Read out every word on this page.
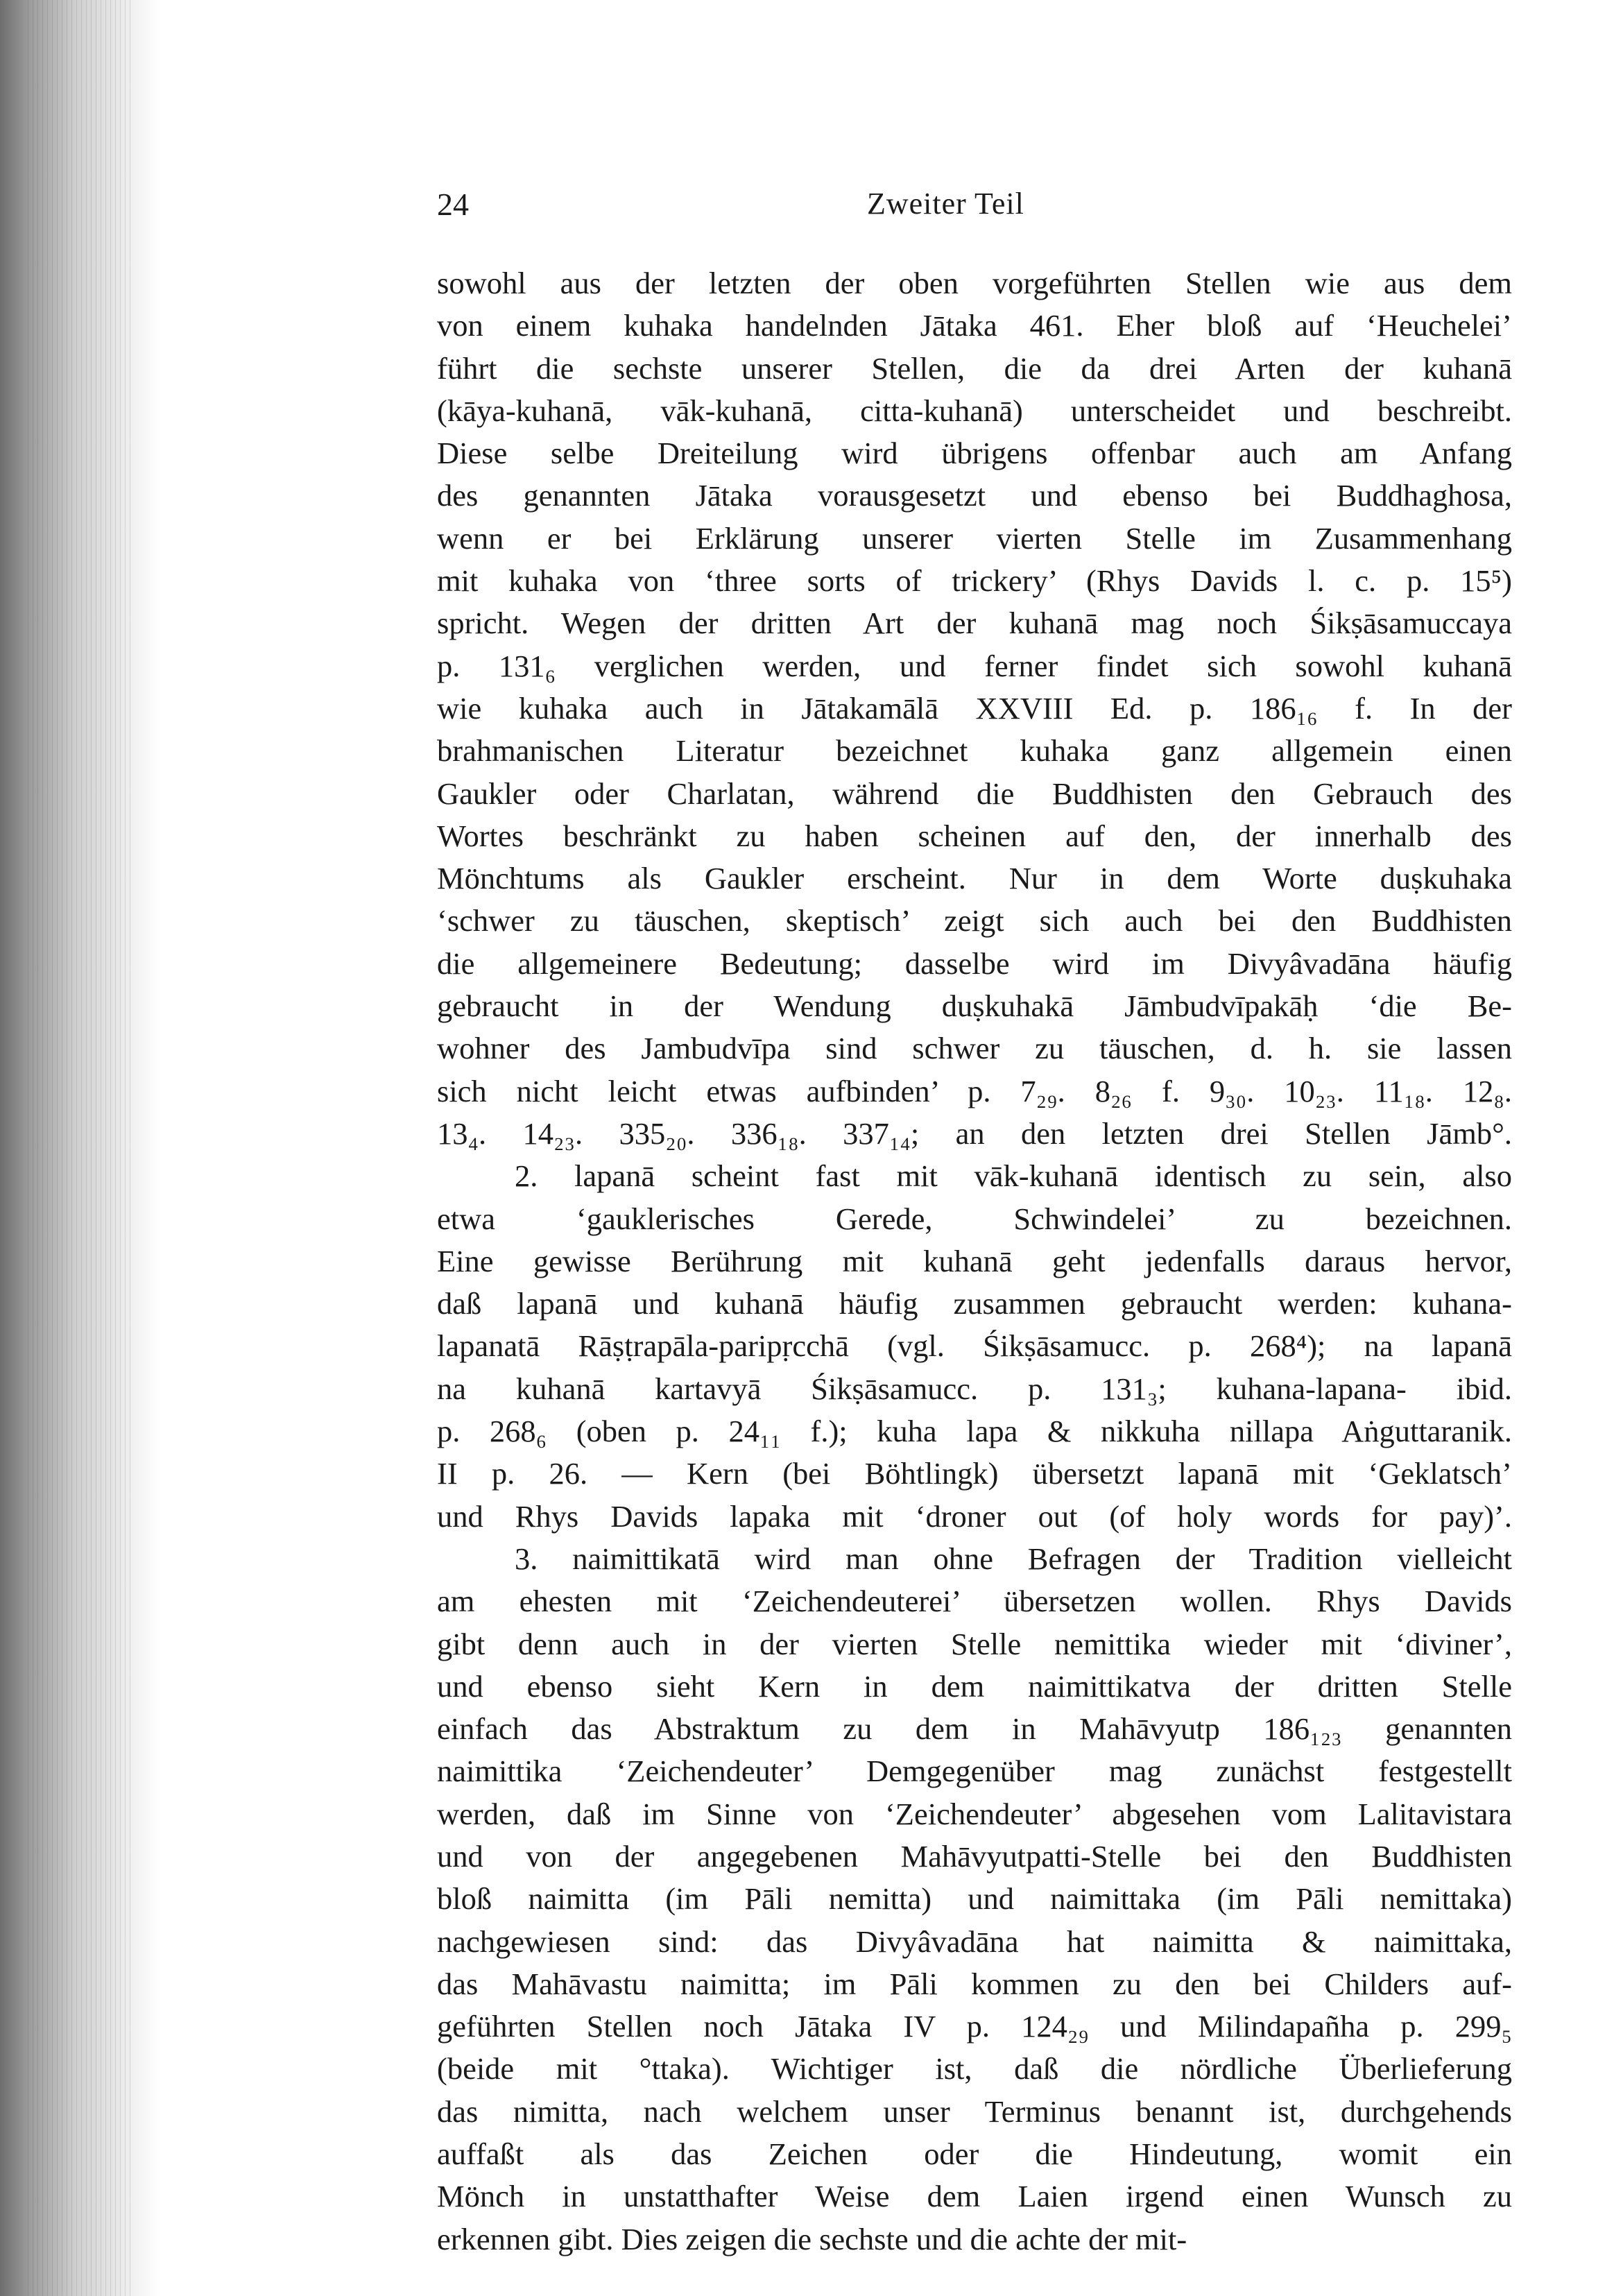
24	Zweiter Teil

sowohl aus der letzten der oben vorgeführten Stellen wie aus dem
von einem kuhaka handelnden Jātaka 461. Eher bloß auf ‘Heuchelei’
führt die sechste unserer Stellen, die da drei Arten der kuhanā
(kāya-kuhanā, vāk-kuhanā, citta-kuhanā) unterscheidet und beschreibt.
Diese selbe Dreiteilung wird übrigens offenbar auch am Anfang
des genannten Jātaka vorausgesetzt und ebenso bei Buddhaghosa,
wenn er bei Erklärung unserer vierten Stelle im Zusammenhang
mit kuhaka von ‘three sorts of trickery’ (Rhys Davids l. c. p. 15⁵)
spricht. Wegen der dritten Art der kuhanā mag noch Śikṣāsamuccaya
p. 131₆ verglichen werden, und ferner findet sich sowohl kuhanā
wie kuhaka auch in Jātakamālā XXVIII Ed. p. 186₁₆ f. In der
brahmanischen Literatur bezeichnet kuhaka ganz allgemein einen
Gaukler oder Charlatan, während die Buddhisten den Gebrauch des
Wortes beschränkt zu haben scheinen auf den, der innerhalb des
Mönchtums als Gaukler erscheint. Nur in dem Worte duṣkuhaka
‘schwer zu täuschen, skeptisch’ zeigt sich auch bei den Buddhisten
die allgemeinere Bedeutung; dasselbe wird im Divyâvadāna häufig
gebraucht in der Wendung duṣkuhakā Jāmbudvīpakāḥ ‘die Be-
wohner des Jambudvīpa sind schwer zu täuschen, d. h. sie lassen
sich nicht leicht etwas aufbinden’ p. 7₂₉. 8₂₆ f. 9₃₀. 10₂₃. 11₁₈. 12₈.
13₄. 14₂₃. 335₂₀. 336₁₈. 337₁₄; an den letzten drei Stellen Jāmb°.

2. lapanā scheint fast mit vāk-kuhanā identisch zu sein, also
etwa ‘gauklerisches Gerede, Schwindelei’ zu bezeichnen.
Eine gewisse Berührung mit kuhanā geht jedenfalls daraus hervor,
daß lapanā und kuhanā häufig zusammen gebraucht werden: kuhana-
lapanatā Rāṣṭrapāla-paripṛcchā (vgl. Śikṣāsamucc. p. 268⁴); na lapanā
na kuhanā kartavyā Śikṣāsamucc. p. 131₃; kuhana-lapana- ibid.
p. 268₆ (oben p. 24₁₁ f.); kuha lapa & nikkuha nillapa Aṅguttaranik.
II p. 26. — Kern (bei Böhtlingk) übersetzt lapanā mit ‘Geklatsch’
und Rhys Davids lapaka mit ‘droner out (of holy words for pay)’.

3. naimittikatā wird man ohne Befragen der Tradition vielleicht
am ehesten mit ‘Zeichendeuterei’ übersetzen wollen. Rhys Davids
gibt denn auch in der vierten Stelle nemittika wieder mit ‘diviner’,
und ebenso sieht Kern in dem naimittikatva der dritten Stelle
einfach das Abstraktum zu dem in Mahāvyutp 186₁₂₃ genannten
naimittika ‘Zeichendeuter’ Demgegenüber mag zunächst festgestellt
werden, daß im Sinne von ‘Zeichendeuter’ abgesehen vom Lalitavistara
und von der angegebenen Mahāvyutpatti-Stelle bei den Buddhisten
bloß naimitta (im Pāli nemitta) und naimittaka (im Pāli nemittaka)
nachgewiesen sind: das Divyâvadāna hat naimitta & naimittaka,
das Mahāvastu naimitta; im Pāli kommen zu den bei Childers auf-
geführten Stellen noch Jātaka IV p. 124₂₉ und Milindapañha p. 299₅
(beide mit °ttaka). Wichtiger ist, daß die nördliche Überlieferung
das nimitta, nach welchem unser Terminus benannt ist, durchgehends
auffaßt als das Zeichen oder die Hindeutung, womit ein
Mönch in unstatthafter Weise dem Laien irgend einen Wunsch zu
erkennen gibt. Dies zeigen die sechste und die achte der mit-
